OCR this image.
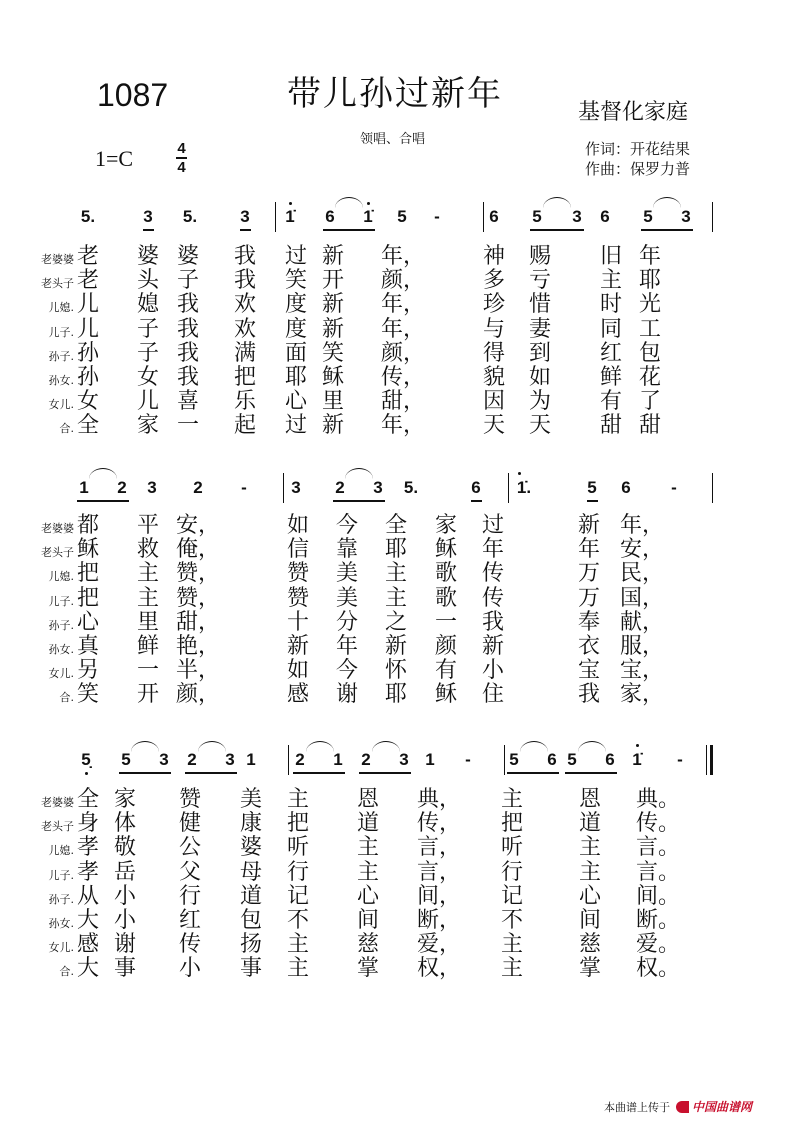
1087	带儿孙过新年	基督化家庭
领唱、合唱
1=C	4
4
作词：开花结果
作曲：保罗力普
5.	3 5.	3 1̇ 6 1̇ 5 -	6 5 3 6 5 3
老婆婆 老 婆 婆 我 过 新 年，	神 赐 旧 年
老头子 老 头 子 我 笑 开 颜，	多 亏 主 耶
儿媳. 儿 媳 我 欢 度 新 年，	珍 惜 时 光
儿子. 儿 子 我 欢 度 新 年，	与 妻 同 工
孙子. 孙 子 我 满 面 笑 颜，	得 到 红 包
孙女. 孙 女 我 把 耶 稣 传，	貌 如 鲜 花
女儿. 女 儿 喜 乐 心 里 甜，	因 为 有 了
合. 全 家 一 起 过 新 年，	天 天 甜 甜
1 2 3 2 -	3 2 3 5.	6 1̇.	5 6 -
老婆婆 都 平 安，	如 今 全 家 过	新 年，
老头子 稣 救 俺，	信 靠 耶 稣 年	年 安，
儿媳. 把 主 赞，	赞 美 主 歌 传	万 民，
儿子. 把 主 赞，	赞 美 主 歌 传	万 国，
孙子. 心 里 甜，	十 分 之 一 我	奉 献，
孙女. 真 鲜 艳，	新 年 新 颜 新	衣 服，
女儿. 另 一 半，	如 今 怀 有 小	宝 宝，
合. 笑 开 颜，	感 谢 耶 稣 住	我 家，
5̣ 5 3 2 3 1 2 1 2 3 1 - 5 6 5 6 1̇ -
老婆婆 全 家 赞 美 主 恩 典， 主	恩 典。
老头子 身 体 健 康 把 道 传， 把	道 传。
儿媳. 孝 敬 公 婆 听 主 言， 听	主 言。
儿子. 孝 岳 父 母 行 主 言， 行	主 言。
孙子. 从 小 行 道 记 心 间， 记	心 间。
孙女. 大 小 红 包 不 间 断， 不	间 断。
女儿. 感 谢 传 扬 主 慈 爱， 主	慈 爱。
合. 大 事 小 事 主 掌 权， 主	掌 权。
本曲谱上传于 中国曲谱网
